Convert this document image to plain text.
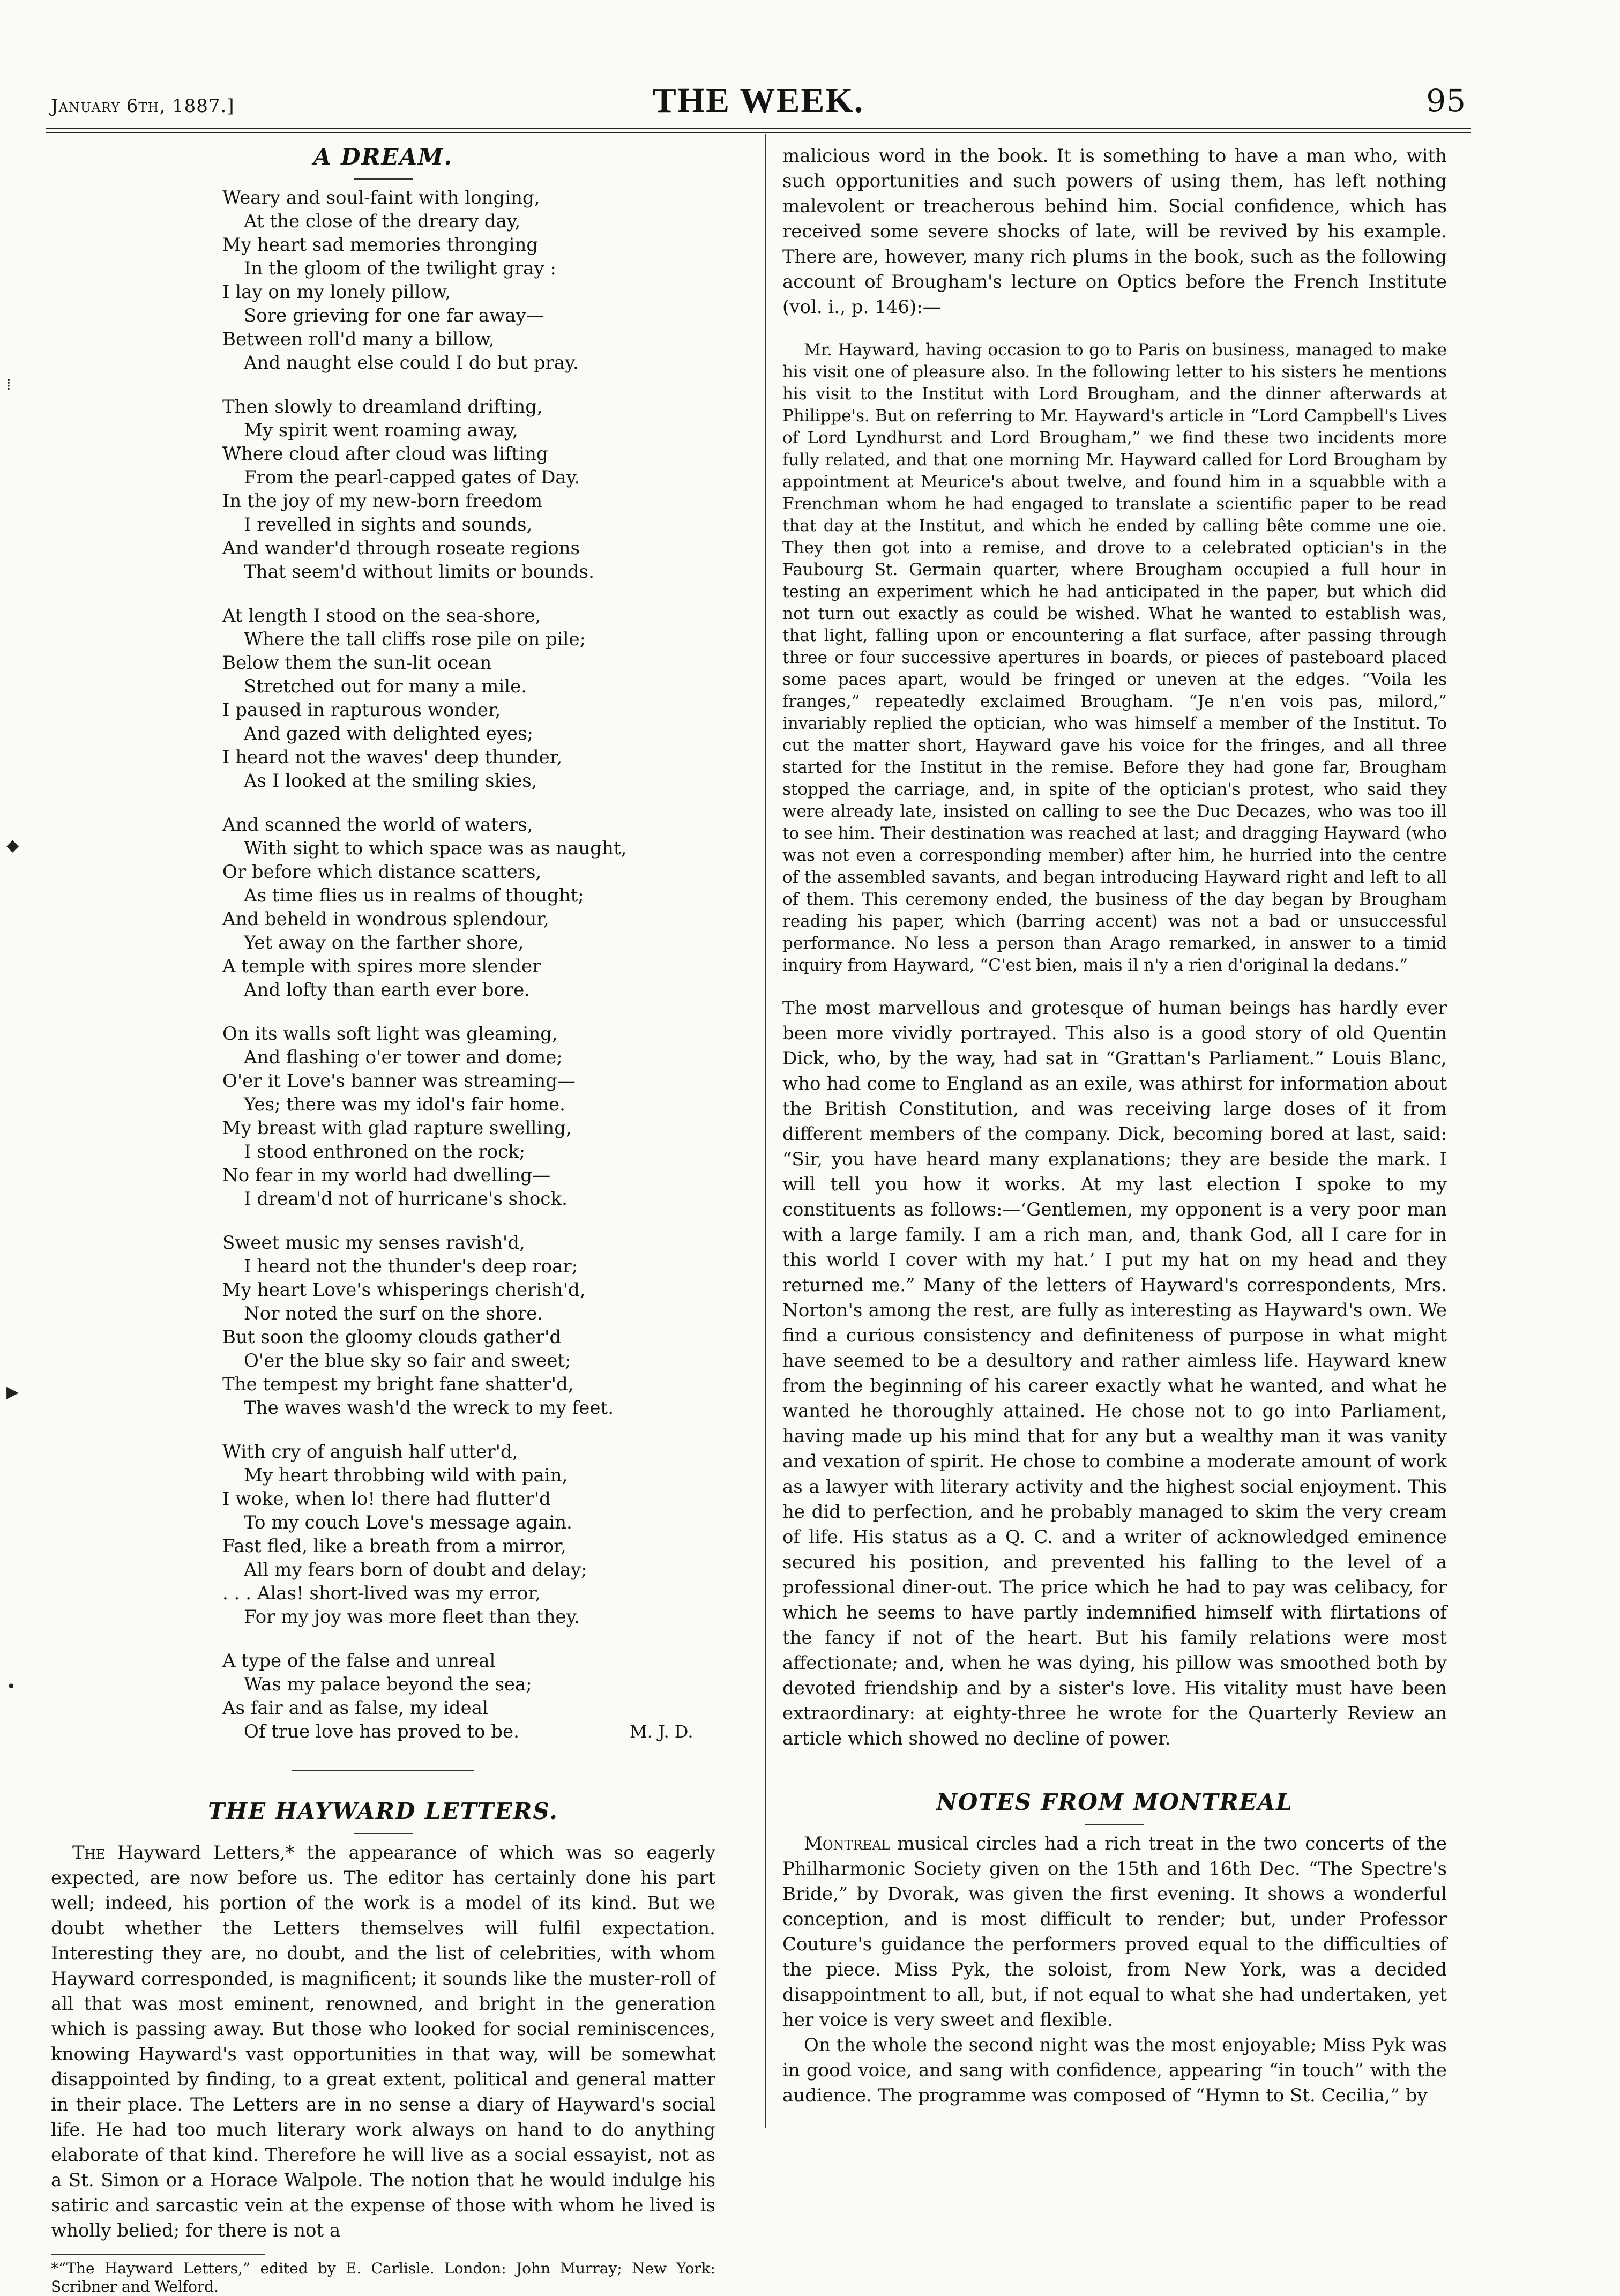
January 6th, 1887.]	THE WEEK.	95
⁞
◆
▶
•
A DREAM.
Weary and soul-faint with longing,
At the close of the dreary day,
My heart sad memories thronging
In the gloom of the twilight gray :
I lay on my lonely pillow,
Sore grieving for one far away—
Between roll'd many a billow,
And naught else could I do but pray.
Then slowly to dreamland drifting,
My spirit went roaming away,
Where cloud after cloud was lifting
From the pearl-capped gates of Day.
In the joy of my new-born freedom
I revelled in sights and sounds,
And wander'd through roseate regions
That seem'd without limits or bounds.
At length I stood on the sea-shore,
Where the tall cliffs rose pile on pile;
Below them the sun-lit ocean
Stretched out for many a mile.
I paused in rapturous wonder,
And gazed with delighted eyes;
I heard not the waves' deep thunder,
As I looked at the smiling skies,
And scanned the world of waters,
With sight to which space was as naught,
Or before which distance scatters,
As time flies us in realms of thought;
And beheld in wondrous splendour,
Yet away on the farther shore,
A temple with spires more slender
And lofty than earth ever bore.
On its walls soft light was gleaming,
And flashing o'er tower and dome;
O'er it Love's banner was streaming—
Yes; there was my idol's fair home.
My breast with glad rapture swelling,
I stood enthroned on the rock;
No fear in my world had dwelling—
I dream'd not of hurricane's shock.
Sweet music my senses ravish'd,
I heard not the thunder's deep roar;
My heart Love's whisperings cherish'd,
Nor noted the surf on the shore.
But soon the gloomy clouds gather'd
O'er the blue sky so fair and sweet;
The tempest my bright fane shatter'd,
The waves wash'd the wreck to my feet.
With cry of anguish half utter'd,
My heart throbbing wild with pain,
I woke, when lo! there had flutter'd
To my couch Love's message again.
Fast fled, like a breath from a mirror,
All my fears born of doubt and delay;
. . . Alas! short-lived was my error,
For my joy was more fleet than they.
A type of the false and unreal
Was my palace beyond the sea;
As fair and as false, my ideal
Of true love has proved to be.	M. J. D.
THE HAYWARD LETTERS.

The Hayward Letters,* the appearance of which was so eagerly expected, are now before us. The editor has certainly done his part well; indeed, his portion of the work is a model of its kind. But we doubt whether the Letters themselves will fulfil expectation. Interesting they are, no doubt, and the list of celebrities, with whom Hayward corresponded, is magnificent; it sounds like the muster-roll of all that was most eminent, renowned, and bright in the generation which is passing away. But those who looked for social reminiscences, knowing Hayward's vast opportunities in that way, will be somewhat disappointed by finding, to a great extent, political and general matter in their place. The Letters are in no sense a diary of Hayward's social life. He had too much literary work always on hand to do anything elaborate of that kind. Therefore he will live as a social essayist, not as a St. Simon or a Horace Walpole. The notion that he would indulge his satiric and sarcastic vein at the expense of those with whom he lived is wholly belied; for there is not a

*“The Hayward Letters,” edited by E. Carlisle. London: John Murray; New York: Scribner and Welford.

malicious word in the book. It is something to have a man who, with such opportunities and such powers of using them, has left nothing malevolent or treacherous behind him. Social confidence, which has received some severe shocks of late, will be revived by his example. There are, however, many rich plums in the book, such as the following account of Brougham's lecture on Optics before the French Institute (vol. i., p. 146):—

Mr. Hayward, having occasion to go to Paris on business, managed to make his visit one of pleasure also. In the following letter to his sisters he mentions his visit to the Institut with Lord Brougham, and the dinner afterwards at Philippe's. But on referring to Mr. Hayward's article in “Lord Campbell's Lives of Lord Lyndhurst and Lord Brougham,” we find these two incidents more fully related, and that one morning Mr. Hayward called for Lord Brougham by appointment at Meurice's about twelve, and found him in a squabble with a Frenchman whom he had engaged to translate a scientific paper to be read that day at the Institut, and which he ended by calling bête comme une oie. They then got into a remise, and drove to a celebrated optician's in the Faubourg St. Germain quarter, where Brougham occupied a full hour in testing an experiment which he had anticipated in the paper, but which did not turn out exactly as could be wished. What he wanted to establish was, that light, falling upon or encountering a flat surface, after passing through three or four successive apertures in boards, or pieces of pasteboard placed some paces apart, would be fringed or uneven at the edges. “Voila les franges,” repeatedly exclaimed Brougham. “Je n'en vois pas, milord,” invariably replied the optician, who was himself a member of the Institut. To cut the matter short, Hayward gave his voice for the fringes, and all three started for the Institut in the remise. Before they had gone far, Brougham stopped the carriage, and, in spite of the optician's protest, who said they were already late, insisted on calling to see the Duc Decazes, who was too ill to see him. Their destination was reached at last; and dragging Hayward (who was not even a corresponding member) after him, he hurried into the centre of the assembled savants, and began introducing Hayward right and left to all of them. This ceremony ended, the business of the day began by Brougham reading his paper, which (barring accent) was not a bad or unsuccessful performance. No less a person than Arago remarked, in answer to a timid inquiry from Hayward, “C'est bien, mais il n'y a rien d'original la dedans.”

The most marvellous and grotesque of human beings has hardly ever been more vividly portrayed. This also is a good story of old Quentin Dick, who, by the way, had sat in “Grattan's Parliament.” Louis Blanc, who had come to England as an exile, was athirst for information about the British Constitution, and was receiving large doses of it from different members of the company. Dick, becoming bored at last, said: “Sir, you have heard many explanations; they are beside the mark. I will tell you how it works. At my last election I spoke to my constituents as follows:—‘Gentlemen, my opponent is a very poor man with a large family. I am a rich man, and, thank God, all I care for in this world I cover with my hat.’ I put my hat on my head and they returned me.” Many of the letters of Hayward's correspondents, Mrs. Norton's among the rest, are fully as interesting as Hayward's own. We find a curious consistency and definiteness of purpose in what might have seemed to be a desultory and rather aimless life. Hayward knew from the beginning of his career exactly what he wanted, and what he wanted he thoroughly attained. He chose not to go into Parliament, having made up his mind that for any but a wealthy man it was vanity and vexation of spirit. He chose to combine a moderate amount of work as a lawyer with literary activity and the highest social enjoyment. This he did to perfection, and he probably managed to skim the very cream of life. His status as a Q. C. and a writer of acknowledged eminence secured his position, and prevented his falling to the level of a professional diner-out. The price which he had to pay was celibacy, for which he seems to have partly indemnified himself with flirtations of the fancy if not of the heart. But his family relations were most affectionate; and, when he was dying, his pillow was smoothed both by devoted friendship and by a sister's love. His vitality must have been extraordinary: at eighty-three he wrote for the Quarterly Review an article which showed no decline of power.

NOTES FROM MONTREAL

Montreal musical circles had a rich treat in the two concerts of the Philharmonic Society given on the 15th and 16th Dec. “The Spectre's Bride,” by Dvorak, was given the first evening. It shows a wonderful conception, and is most difficult to render; but, under Professor Couture's guidance the performers proved equal to the difficulties of the piece. Miss Pyk, the soloist, from New York, was a decided disappointment to all, but, if not equal to what she had undertaken, yet her voice is very sweet and flexible.

On the whole the second night was the most enjoyable; Miss Pyk was in good voice, and sang with confidence, appearing “in touch” with the audience. The programme was composed of “Hymn to St. Cecilia,” by
